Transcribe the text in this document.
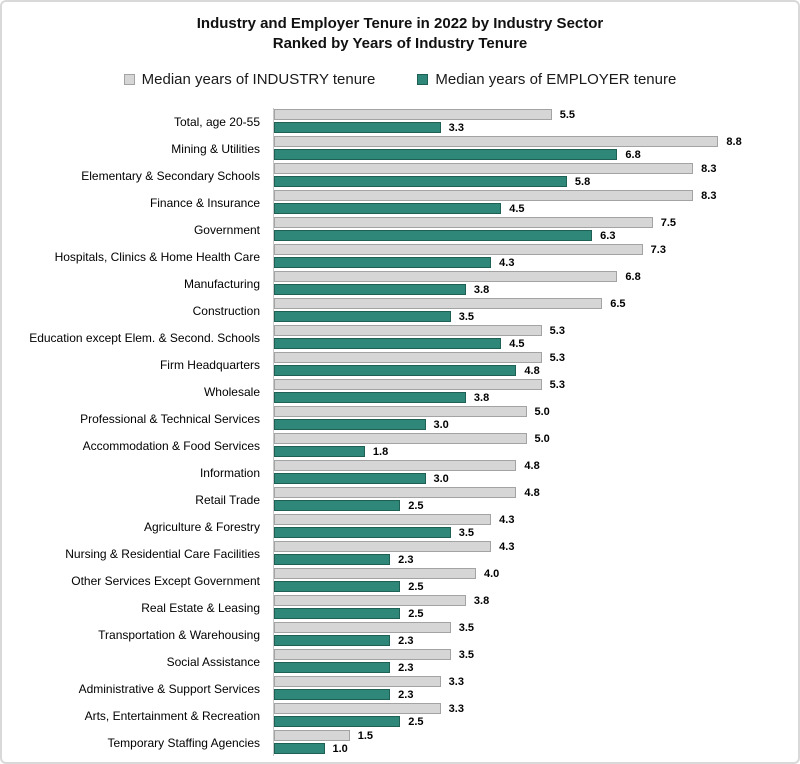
Industry and Employer Tenure in 2022 by Industry Sector
Ranked by Years of Industry Tenure
Median years of INDUSTRY tenure	Median years of EMPLOYER tenure
Total, age 20-55	5.5
3.3
Mining & Utilities	8.8
6.8
Elementary & Secondary Schools	8.3
5.8
Finance & Insurance	8.3
4.5
Government	7.5
6.3
Hospitals, Clinics & Home Health Care	7.3
4.3
Manufacturing	6.8
3.8
Construction	6.5
3.5
Education except Elem. & Second. Schools	5.3
4.5
Firm Headquarters	5.3
4.8
Wholesale	5.3
3.8
Professional & Technical Services	5.0
3.0
Accommodation & Food Services	5.0
1.8
Information	4.8
3.0
Retail Trade	4.8
2.5
Agriculture & Forestry	4.3
3.5
Nursing & Residential Care Facilities	4.3
2.3
Other Services Except Government	4.0
2.5
Real Estate & Leasing	3.8
2.5
Transportation & Warehousing	3.5
2.3
Social Assistance	3.5
2.3
Administrative & Support Services	3.3
2.3
Arts, Entertainment & Recreation	3.3
2.5
Temporary Staffing Agencies	1.5
1.0
